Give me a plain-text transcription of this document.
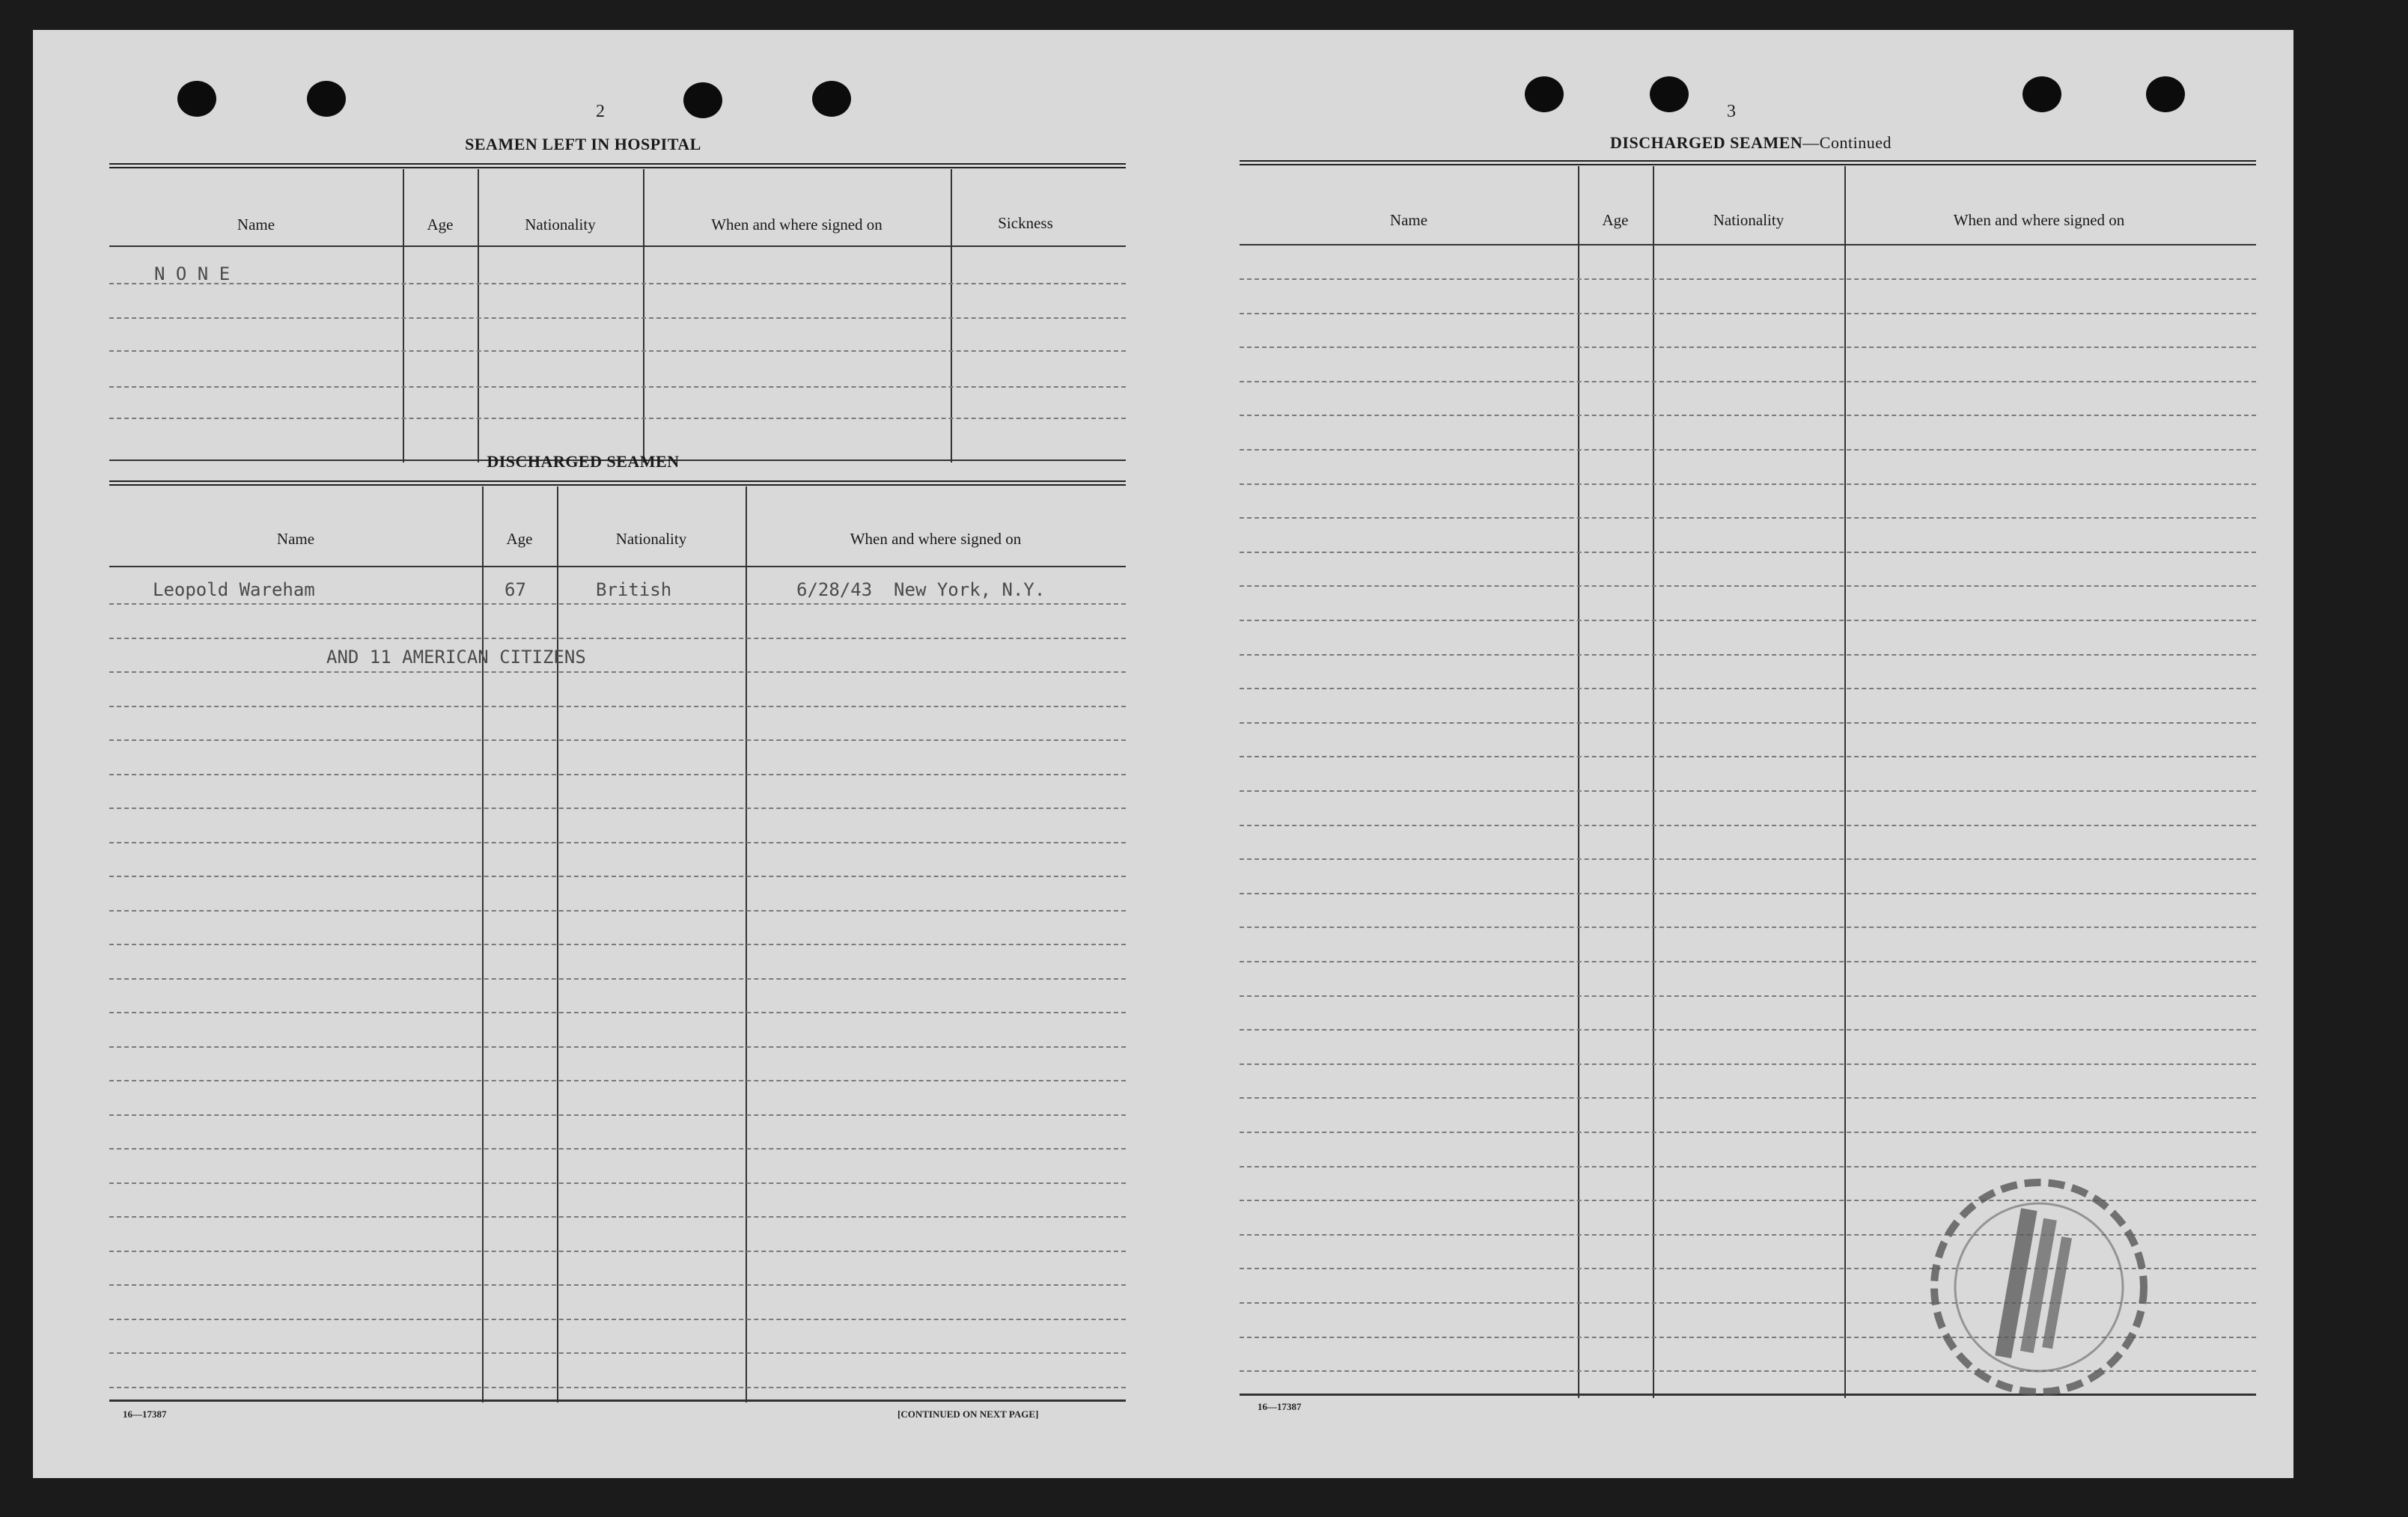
2
SEAMEN LEFT IN HOSPITAL
Name	Age	Nationality	When and where signed on	Sickness
N O N E
DISCHARGED SEAMEN
Name	Age	Nationality	When and where signed on
Leopold Wareham	67	British	6/28/43  New York, N.Y.
AND 11 AMERICAN CITIZENS
16—17387	[CONTINUED ON NEXT PAGE]
3
DISCHARGED SEAMEN—Continued
Name	Age	Nationality	When and where signed on
16—17387
